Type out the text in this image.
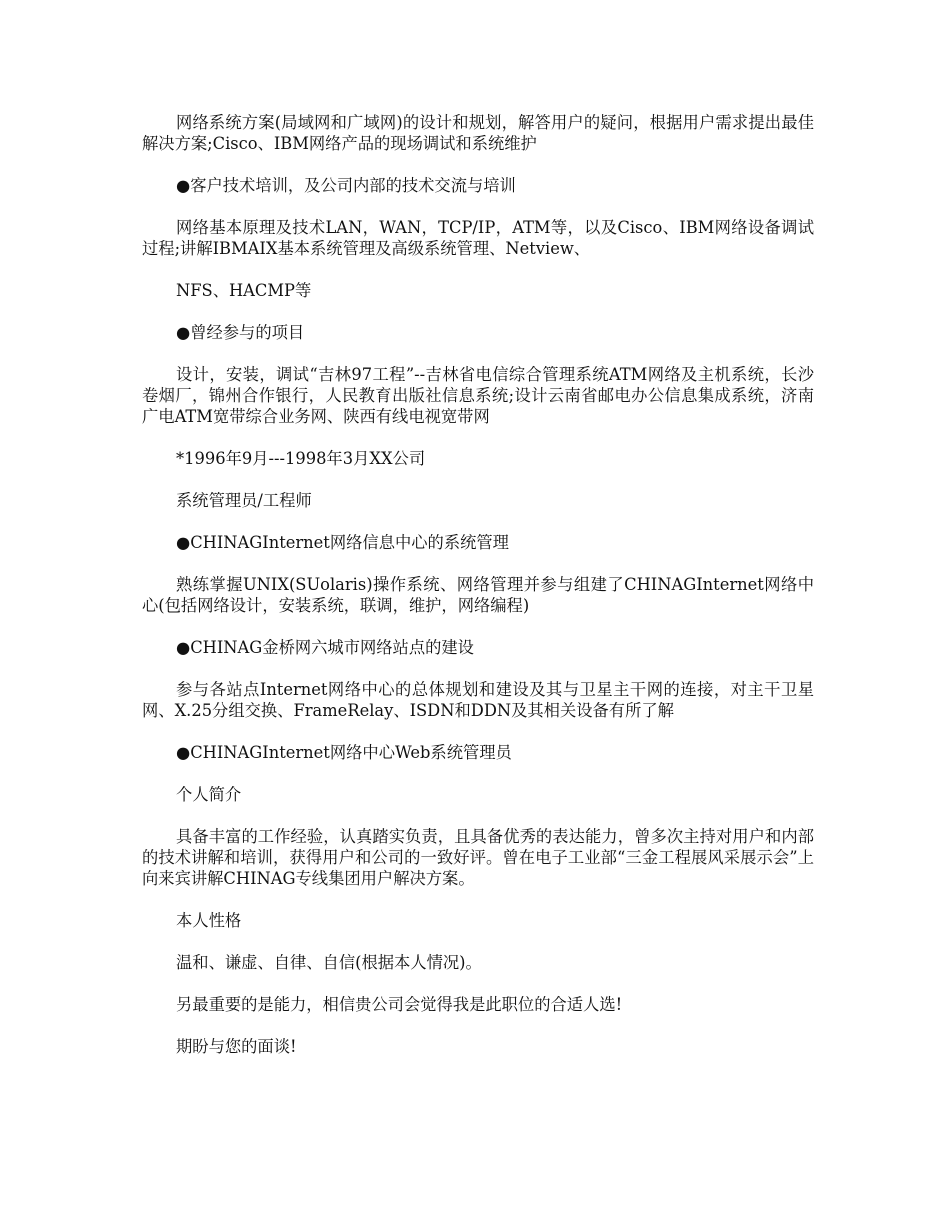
网络系统方案(局域网和广域网)的设计和规划，解答用户的疑问，根据用户需求提出最佳解决方案;Cisco、IBM网络产品的现场调试和系统维护

●客户技术培训，及公司内部的技术交流与培训

网络基本原理及技术LAN，WAN，TCP/IP，ATM等，以及Cisco、IBM网络设备调试过程;讲解IBMAIX基本系统管理及高级系统管理、Netview、

NFS、HACMP等

●曾经参与的项目

设计，安装，调试“吉林97工程”--吉林省电信综合管理系统ATM网络及主机系统，长沙卷烟厂，锦州合作银行，人民教育出版社信息系统;设计云南省邮电办公信息集成系统，济南广电ATM宽带综合业务网、陕西有线电视宽带网

*1996年9月---1998年3月XX公司

系统管理员/工程师

●CHINAGInternet网络信息中心的系统管理

熟练掌握UNIX(SUolaris)操作系统、网络管理并参与组建了CHINAGInternet网络中心(包括网络设计，安装系统，联调，维护，网络编程)

●CHINAG金桥网六城市网络站点的建设

参与各站点Internet网络中心的总体规划和建设及其与卫星主干网的连接，对主干卫星网、X.25分组交换、FrameRelay、ISDN和DDN及其相关设备有所了解

●CHINAGInternet网络中心Web系统管理员

个人简介

具备丰富的工作经验，认真踏实负责，且具备优秀的表达能力，曾多次主持对用户和内部的技术讲解和培训，获得用户和公司的一致好评。曾在电子工业部“三金工程展风采展示会”上向来宾讲解CHINAG专线集团用户解决方案。

本人性格

温和、谦虚、自律、自信(根据本人情况)。

另最重要的是能力，相信贵公司会觉得我是此职位的合适人选!

期盼与您的面谈!
